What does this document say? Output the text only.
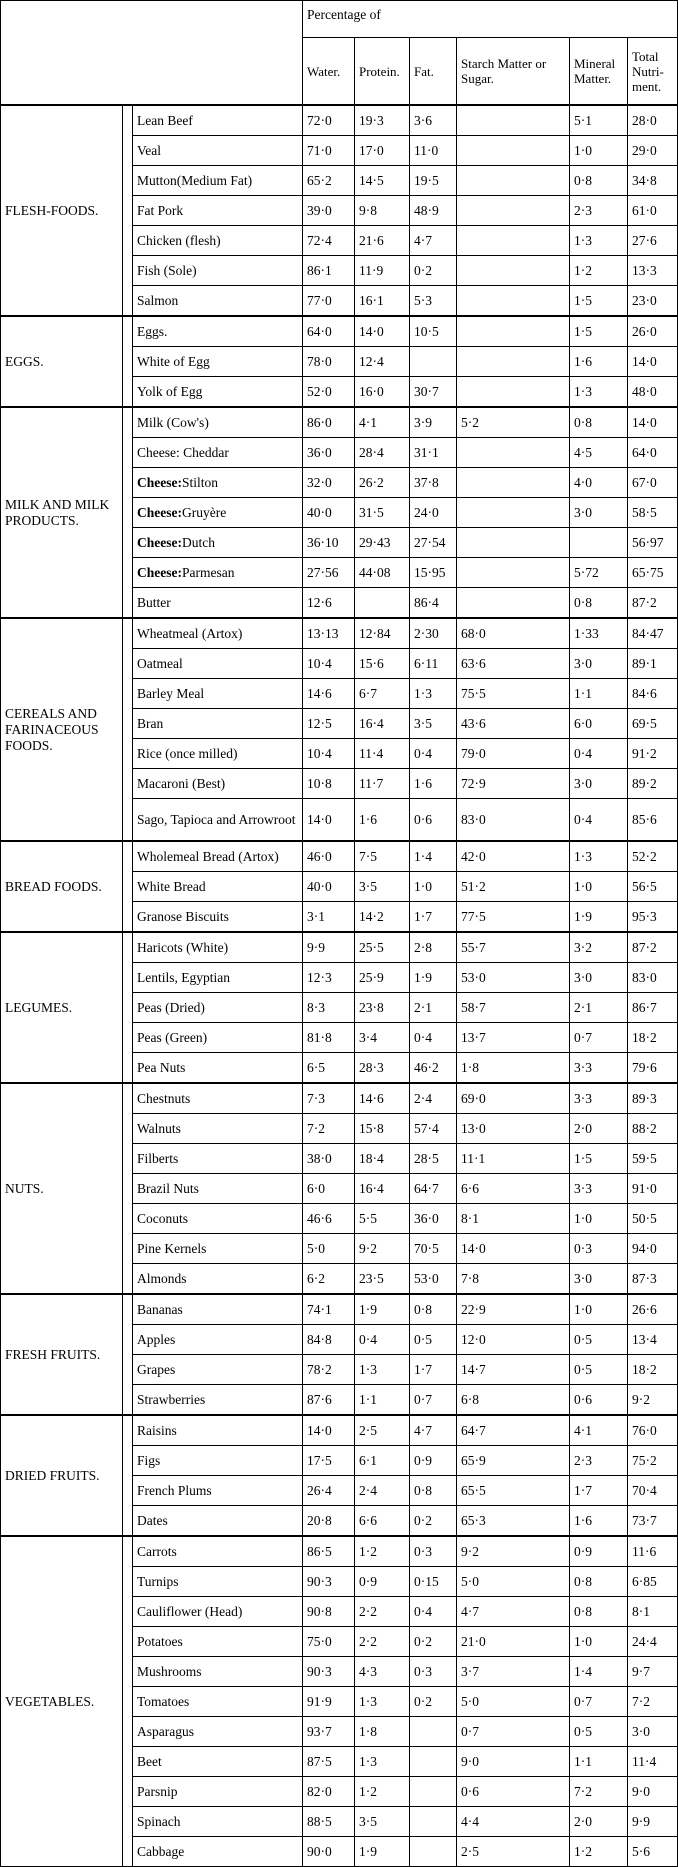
			Percentage of					
			Water.	Protein.	Fat.	Starch Matter or Sugar.	Mineral Matter.	Total Nutri-ment.
FLESH-FOODS.		Lean Beef	72·0	19·3	3·6		5·1	28·0
		Veal	71·0	17·0	11·0		1·0	29·0
		Mutton(Medium Fat)	65·2	14·5	19·5		0·8	34·8
		Fat Pork	39·0	9·8	48·9		2·3	61·0
		Chicken (flesh)	72·4	21·6	4·7		1·3	27·6
		Fish (Sole)	86·1	11·9	0·2		1·2	13·3
		Salmon	77·0	16·1	5·3		1·5	23·0
EGGS.		Eggs.	64·0	14·0	10·5		1·5	26·0
		White of Egg	78·0	12·4			1·6	14·0
		Yolk of Egg	52·0	16·0	30·7		1·3	48·0
MILK AND MILK PRODUCTS.		Milk (Cow's)	86·0	4·1	3·9	5·2	0·8	14·0
		Cheese: Cheddar	36·0	28·4	31·1		4·5	64·0
		Cheese:Stilton	32·0	26·2	37·8		4·0	67·0
		Cheese:Gruyère	40·0	31·5	24·0		3·0	58·5
		Cheese:Dutch	36·10	29·43	27·54			56·97
		Cheese:Parmesan	27·56	44·08	15·95		5·72	65·75
		Butter	12·6		86·4		0·8	87·2
CEREALS AND FARINACEOUS FOODS.		Wheatmeal (Artox)	13·13	12·84	2·30	68·0	1·33	84·47
		Oatmeal	10·4	15·6	6·11	63·6	3·0	89·1
		Barley Meal	14·6	6·7	1·3	75·5	1·1	84·6
		Bran	12·5	16·4	3·5	43·6	6·0	69·5
		Rice (once milled)	10·4	11·4	0·4	79·0	0·4	91·2
		Macaroni (Best)	10·8	11·7	1·6	72·9	3·0	89·2
		Sago, Tapioca and Arrowroot	14·0	1·6	0·6	83·0	0·4	85·6
BREAD FOODS.		Wholemeal Bread (Artox)	46·0	7·5	1·4	42·0	1·3	52·2
		White Bread	40·0	3·5	1·0	51·2	1·0	56·5
		Granose Biscuits	3·1	14·2	1·7	77·5	1·9	95·3
LEGUMES.		Haricots (White)	9·9	25·5	2·8	55·7	3·2	87·2
		Lentils, Egyptian	12·3	25·9	1·9	53·0	3·0	83·0
		Peas (Dried)	8·3	23·8	2·1	58·7	2·1	86·7
		Peas (Green)	81·8	3·4	0·4	13·7	0·7	18·2
		Pea Nuts	6·5	28·3	46·2	1·8	3·3	79·6
NUTS.		Chestnuts	7·3	14·6	2·4	69·0	3·3	89·3
		Walnuts	7·2	15·8	57·4	13·0	2·0	88·2
		Filberts	38·0	18·4	28·5	11·1	1·5	59·5
		Brazil Nuts	6·0	16·4	64·7	6·6	3·3	91·0
		Coconuts	46·6	5·5	36·0	8·1	1·0	50·5
		Pine Kernels	5·0	9·2	70·5	14·0	0·3	94·0
		Almonds	6·2	23·5	53·0	7·8	3·0	87·3
FRESH FRUITS.		Bananas	74·1	1·9	0·8	22·9	1·0	26·6
		Apples	84·8	0·4	0·5	12·0	0·5	13·4
		Grapes	78·2	1·3	1·7	14·7	0·5	18·2
		Strawberries	87·6	1·1	0·7	6·8	0·6	9·2
DRIED FRUITS.		Raisins	14·0	2·5	4·7	64·7	4·1	76·0
		Figs	17·5	6·1	0·9	65·9	2·3	75·2
		French Plums	26·4	2·4	0·8	65·5	1·7	70·4
		Dates	20·8	6·6	0·2	65·3	1·6	73·7
VEGETABLES.		Carrots	86·5	1·2	0·3	9·2	0·9	11·6
		Turnips	90·3	0·9	0·15	5·0	0·8	6·85
		Cauliflower (Head)	90·8	2·2	0·4	4·7	0·8	8·1
		Potatoes	75·0	2·2	0·2	21·0	1·0	24·4
		Mushrooms	90·3	4·3	0·3	3·7	1·4	9·7
		Tomatoes	91·9	1·3	0·2	5·0	0·7	7·2
		Asparagus	93·7	1·8		0·7	0·5	3·0
		Beet	87·5	1·3		9·0	1·1	11·4
		Parsnip	82·0	1·2		0·6	7·2	9·0
		Spinach	88·5	3·5		4·4	2·0	9·9
		Cabbage	90·0	1·9		2·5	1·2	5·6
